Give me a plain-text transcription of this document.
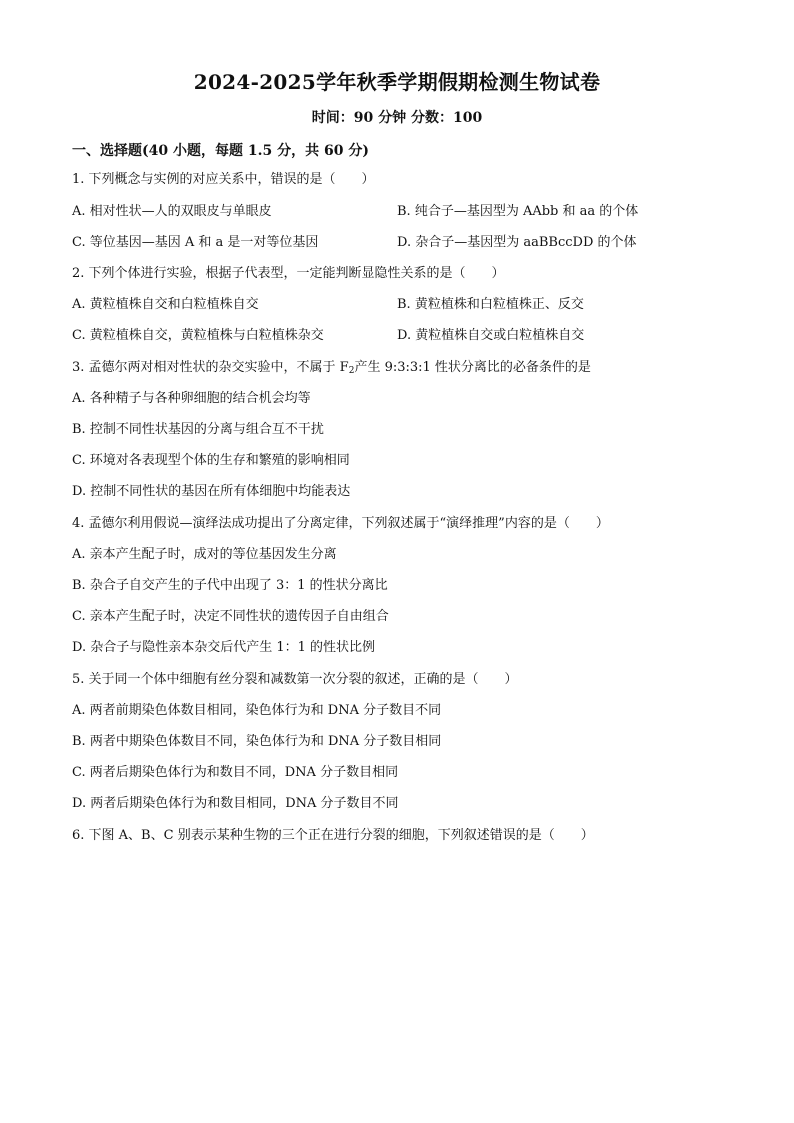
2024-2025学年秋季学期假期检测生物试卷
时间：90 分钟 分数：100
一、选择题(40 小题，每题 1.5 分，共 60 分)
1. 下列概念与实例的对应关系中，错误的是（　　）
A. 相对性状—人的双眼皮与单眼皮	B. 纯合子—基因型为 AAbb 和 aa 的个体
C. 等位基因—基因 A 和 a 是一对等位基因	D. 杂合子—基因型为 aaBBccDD 的个体
2. 下列个体进行实验，根据子代表型，一定能判断显隐性关系的是（　　）
A. 黄粒植株自交和白粒植株自交	B. 黄粒植株和白粒植株正、反交
C. 黄粒植株自交，黄粒植株与白粒植株杂交	D. 黄粒植株自交或白粒植株自交
3. 孟德尔两对相对性状的杂交实验中，不属于 $F_2$产生 9:3:3:1 性状分离比的必备条件的是
A. 各种精子与各种卵细胞的结合机会均等
B. 控制不同性状基因的分离与组合互不干扰
C. 环境对各表现型个体的生存和繁殖的影响相同
D. 控制不同性状的基因在所有体细胞中均能表达
4. 孟德尔利用假说—演绎法成功提出了分离定律，下列叙述属于“演绎推理”内容的是（　　）
A. 亲本产生配子时，成对的等位基因发生分离
B. 杂合子自交产生的子代中出现了 3：1 的性状分离比
C. 亲本产生配子时，决定不同性状的遗传因子自由组合
D. 杂合子与隐性亲本杂交后代产生 1：1 的性状比例
5. 关于同一个体中细胞有丝分裂和减数第一次分裂的叙述，正确的是（　　）
A. 两者前期染色体数目相同，染色体行为和 DNA 分子数目不同
B. 两者中期染色体数目不同，染色体行为和 DNA 分子数目相同
C. 两者后期染色体行为和数目不同，DNA 分子数目相同
D. 两者后期染色体行为和数目相同，DNA 分子数目不同
6. 下图 A、B、C 别表示某种生物的三个正在进行分裂的细胞，下列叙述错误的是（　　）
